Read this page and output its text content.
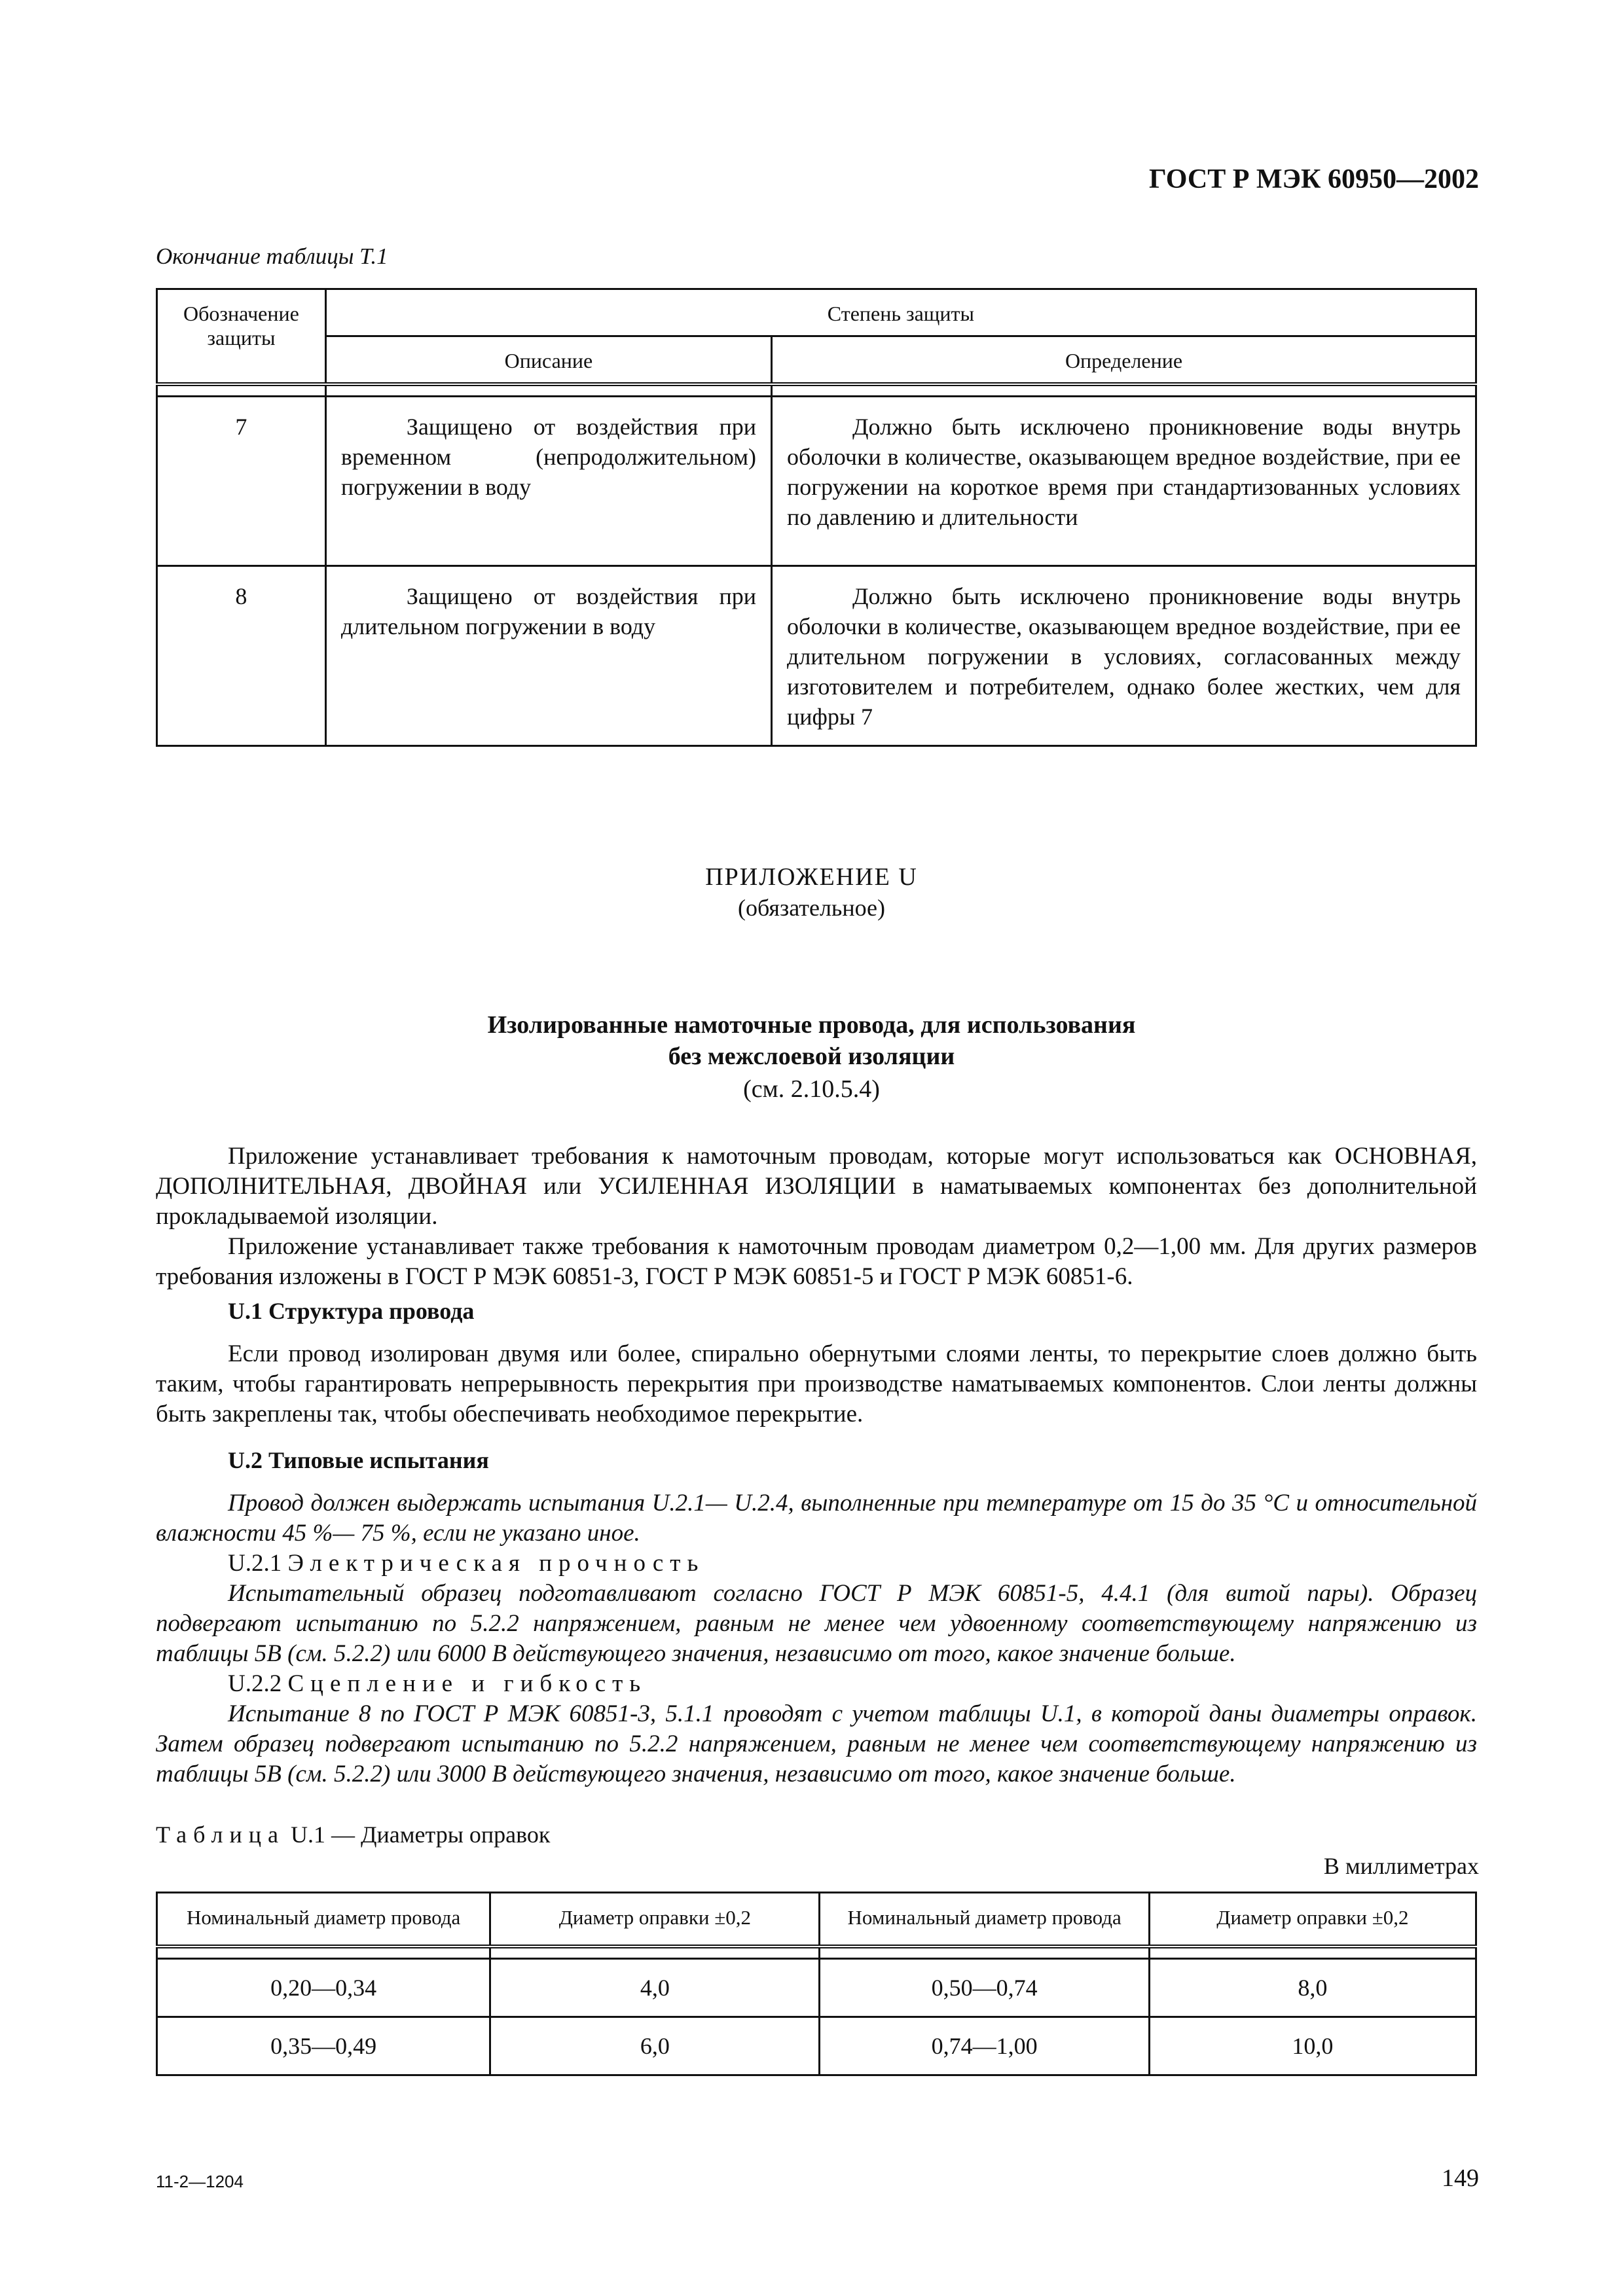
ГОСТ Р МЭК 60950—2002
Окончание таблицы Т.1
Обозначение защиты	Степень защиты	
	Описание	Определение

7	Защищено от воздействия при временном (непродолжительном) погружении в воду	Должно быть исключено проникновение воды внутрь оболочки в количестве, оказывающем вредное воздействие, при ее погружении на короткое время при стандартизованных условиях по давлению и длительности
8	Защищено от воздействия при длительном погружении в воду	Должно быть исключено проникновение воды внутрь оболочки в количестве, оказывающем вредное воздействие, при ее длительном погружении в условиях, согласованных между изготовителем и потребителем, однако более жестких, чем для цифры 7
ПРИЛОЖЕНИЕ U
(обязательное)
Изолированные намоточные провода, для использования
без межслоевой изоляции
(см. 2.10.5.4)

Приложение устанавливает требования к намоточным проводам, которые могут использоваться как ОСНОВНАЯ, ДОПОЛНИТЕЛЬНАЯ, ДВОЙНАЯ или УСИЛЕННАЯ ИЗОЛЯЦИИ в наматываемых компонентах без дополнительной прокладываемой изоляции.

Приложение устанавливает также требования к намоточным проводам диаметром 0,2—1,00 мм. Для других размеров требования изложены в ГОСТ Р МЭК 60851-3, ГОСТ Р МЭК 60851-5 и ГОСТ Р МЭК 60851-6.

U.1 Структура провода

Если провод изолирован двумя или более, спирально обернутыми слоями ленты, то перекрытие слоев должно быть таким, чтобы гарантировать непрерывность перекрытия при производстве наматываемых компонентов. Слои ленты должны быть закреплены так, чтобы обеспечивать необходимое перекрытие.

U.2 Типовые испытания

Провод должен выдержать испытания U.2.1— U.2.4, выполненные при температуре от 15 до 35 °С и относительной влажности 45 %— 75 %, если не указано иное.

U.2.1 Электрическая прочность

Испытательный образец подготавливают согласно ГОСТ Р МЭК 60851-5, 4.4.1 (для витой пары). Образец подвергают испытанию по 5.2.2 напряжением, равным не менее чем удвоенному соответствующему напряжению из таблицы 5В (см. 5.2.2) или 6000 В действующего значения, независимо от того, какое значение больше.

U.2.2 Сцепление и гибкость

Испытание 8 по ГОСТ Р МЭК 60851-3, 5.1.1 проводят с учетом таблицы U.1, в которой даны диаметры оправок. Затем образец подвергают испытанию по 5.2.2 напряжением, равным не менее чем соответствующему напряжению из таблицы 5В (см. 5.2.2) или 3000 В действующего значения, независимо от того, какое значение больше.

Таблица U.1 — Диаметры оправок
В миллиметрах
Номинальный диаметр провода	Диаметр оправки ±0,2	Номинальный диаметр провода	Диаметр оправки ±0,2

0,20—0,34	4,0	0,50—0,74	8,0
0,35—0,49	6,0	0,74—1,00	10,0
11-2—1204	149
